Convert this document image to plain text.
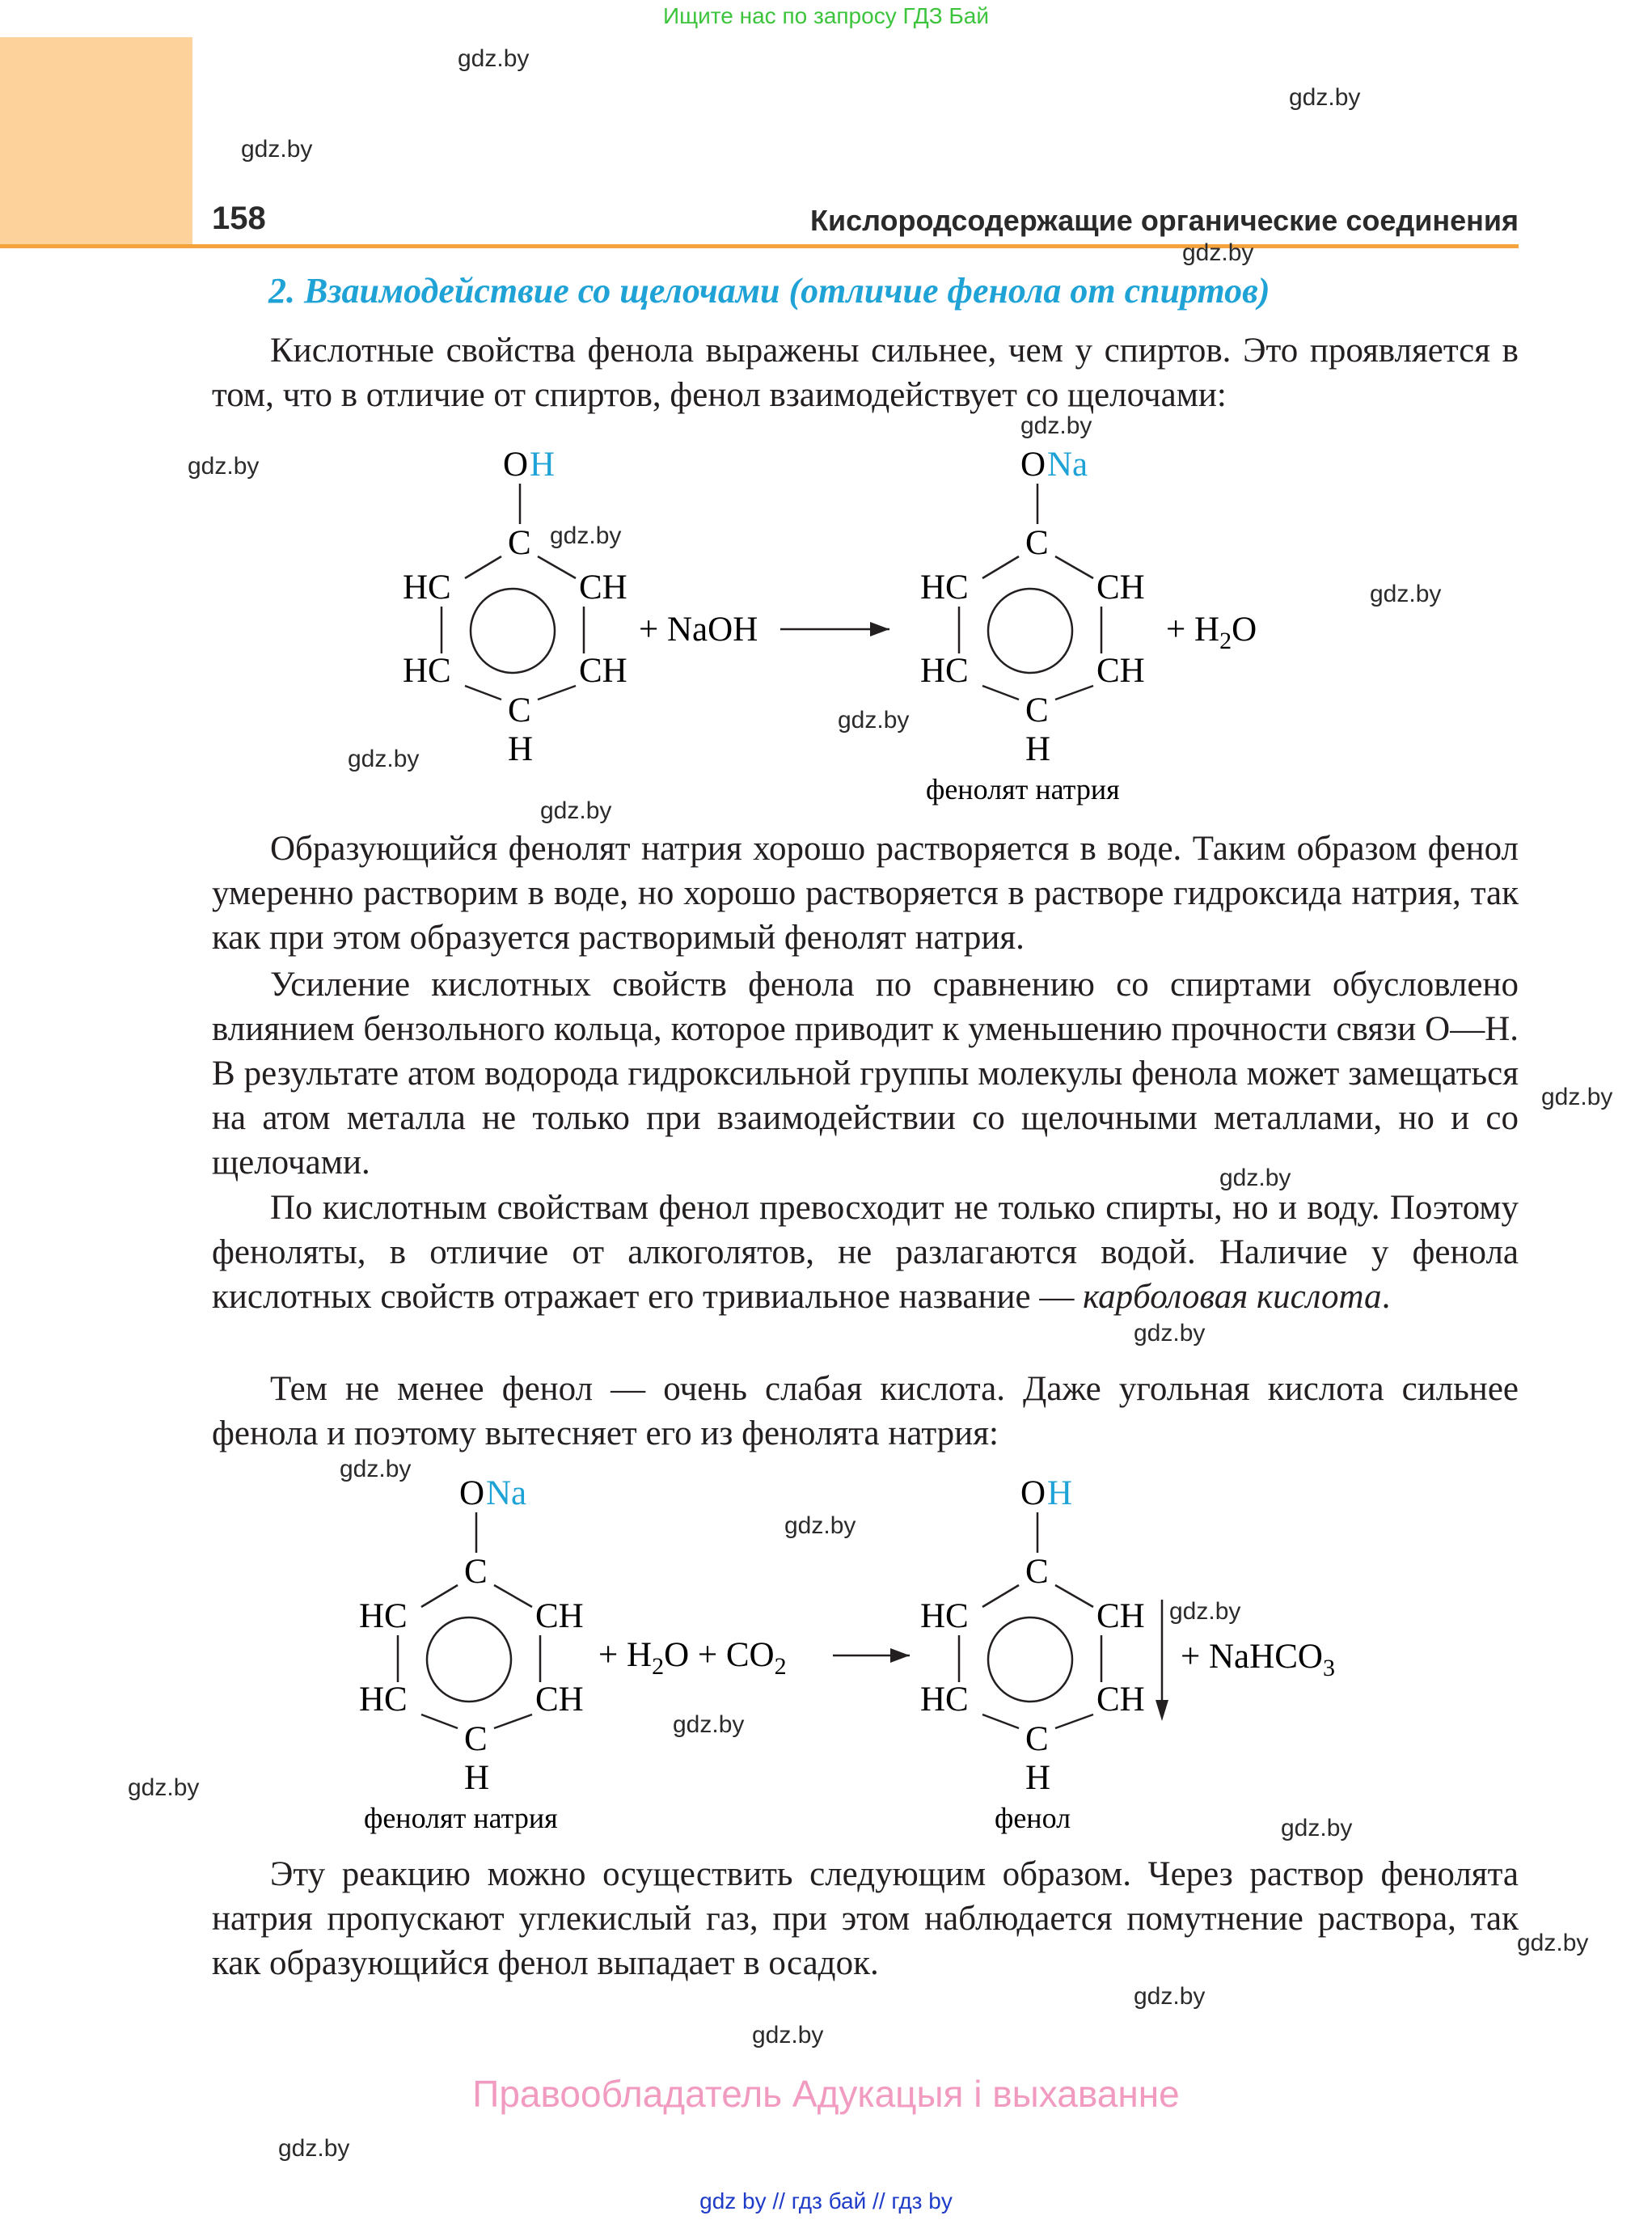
Ищите нас по запросу ГДЗ Бай
158	Кислородсодержащие органические соединения
2. Взаимодействие со щелочами (отличие фенола от спиртов)

Кислотные свойства фенола выражены сильнее, чем у спиртов. Это проявляется в том, что в отличие от спиртов, фенол взаимодействует со щелочами:

O H
C
HC	CH
HC	CH
C
H
+ NaOH
O Na
C
HC	CH
HC	CH
C
H
фенолят натрия
+ $H_2O$

Образующийся фенолят натрия хорошо растворяется в воде. Таким образом фенол умеренно растворим в воде, но хорошо растворяется в растворе гидроксида натрия, так как при этом образуется растворимый фенолят натрия.

Усиление кислотных свойств фенола по сравнению со спиртами обусловлено влиянием бензольного кольца, которое приводит к уменьшению прочности связи О—Н. В результате атом водорода гидроксильной группы молекулы фенола может замещаться на атом металла не только при взаимодействии со щелочными металлами, но и со щелочами.

По кислотным свойствам фенол превосходит не только спирты, но и воду. Поэтому феноляты, в отличие от алкоголятов, не разлагаются водой. Наличие у фенола кислотных свойств отражает его тривиальное название — карболовая кислота.

Тем не менее фенол — очень слабая кислота. Даже угольная кислота сильнее фенола и поэтому вытесняет его из фенолята натрия:

O Na
C
HC	CH
HC	CH
C
H
фенолят натрия
+ $H_2O + CO_2$
O H
C
HC	CH
HC	CH
C
H
фенол
+ NaHCO$_3$

Эту реакцию можно осуществить следующим образом. Через раствор фенолята натрия пропускают углекислый газ, при этом наблюдается помутнение раствора, так как образующийся фенол выпадает в осадок.

gdz.by
gdz.by
gdz.by
gdz.by
gdz.by
gdz.by
gdz.by
gdz.by
gdz.by
gdz.by
gdz.by
gdz.by
gdz.by
gdz.by
gdz.by
gdz.by
gdz.by
gdz.by
gdz.by
gdz.by
gdz.by
gdz.by
gdz.by
gdz.by
Правообладатель Адукацыя і выхаванне
gdz by // гдз бай // гдз by
